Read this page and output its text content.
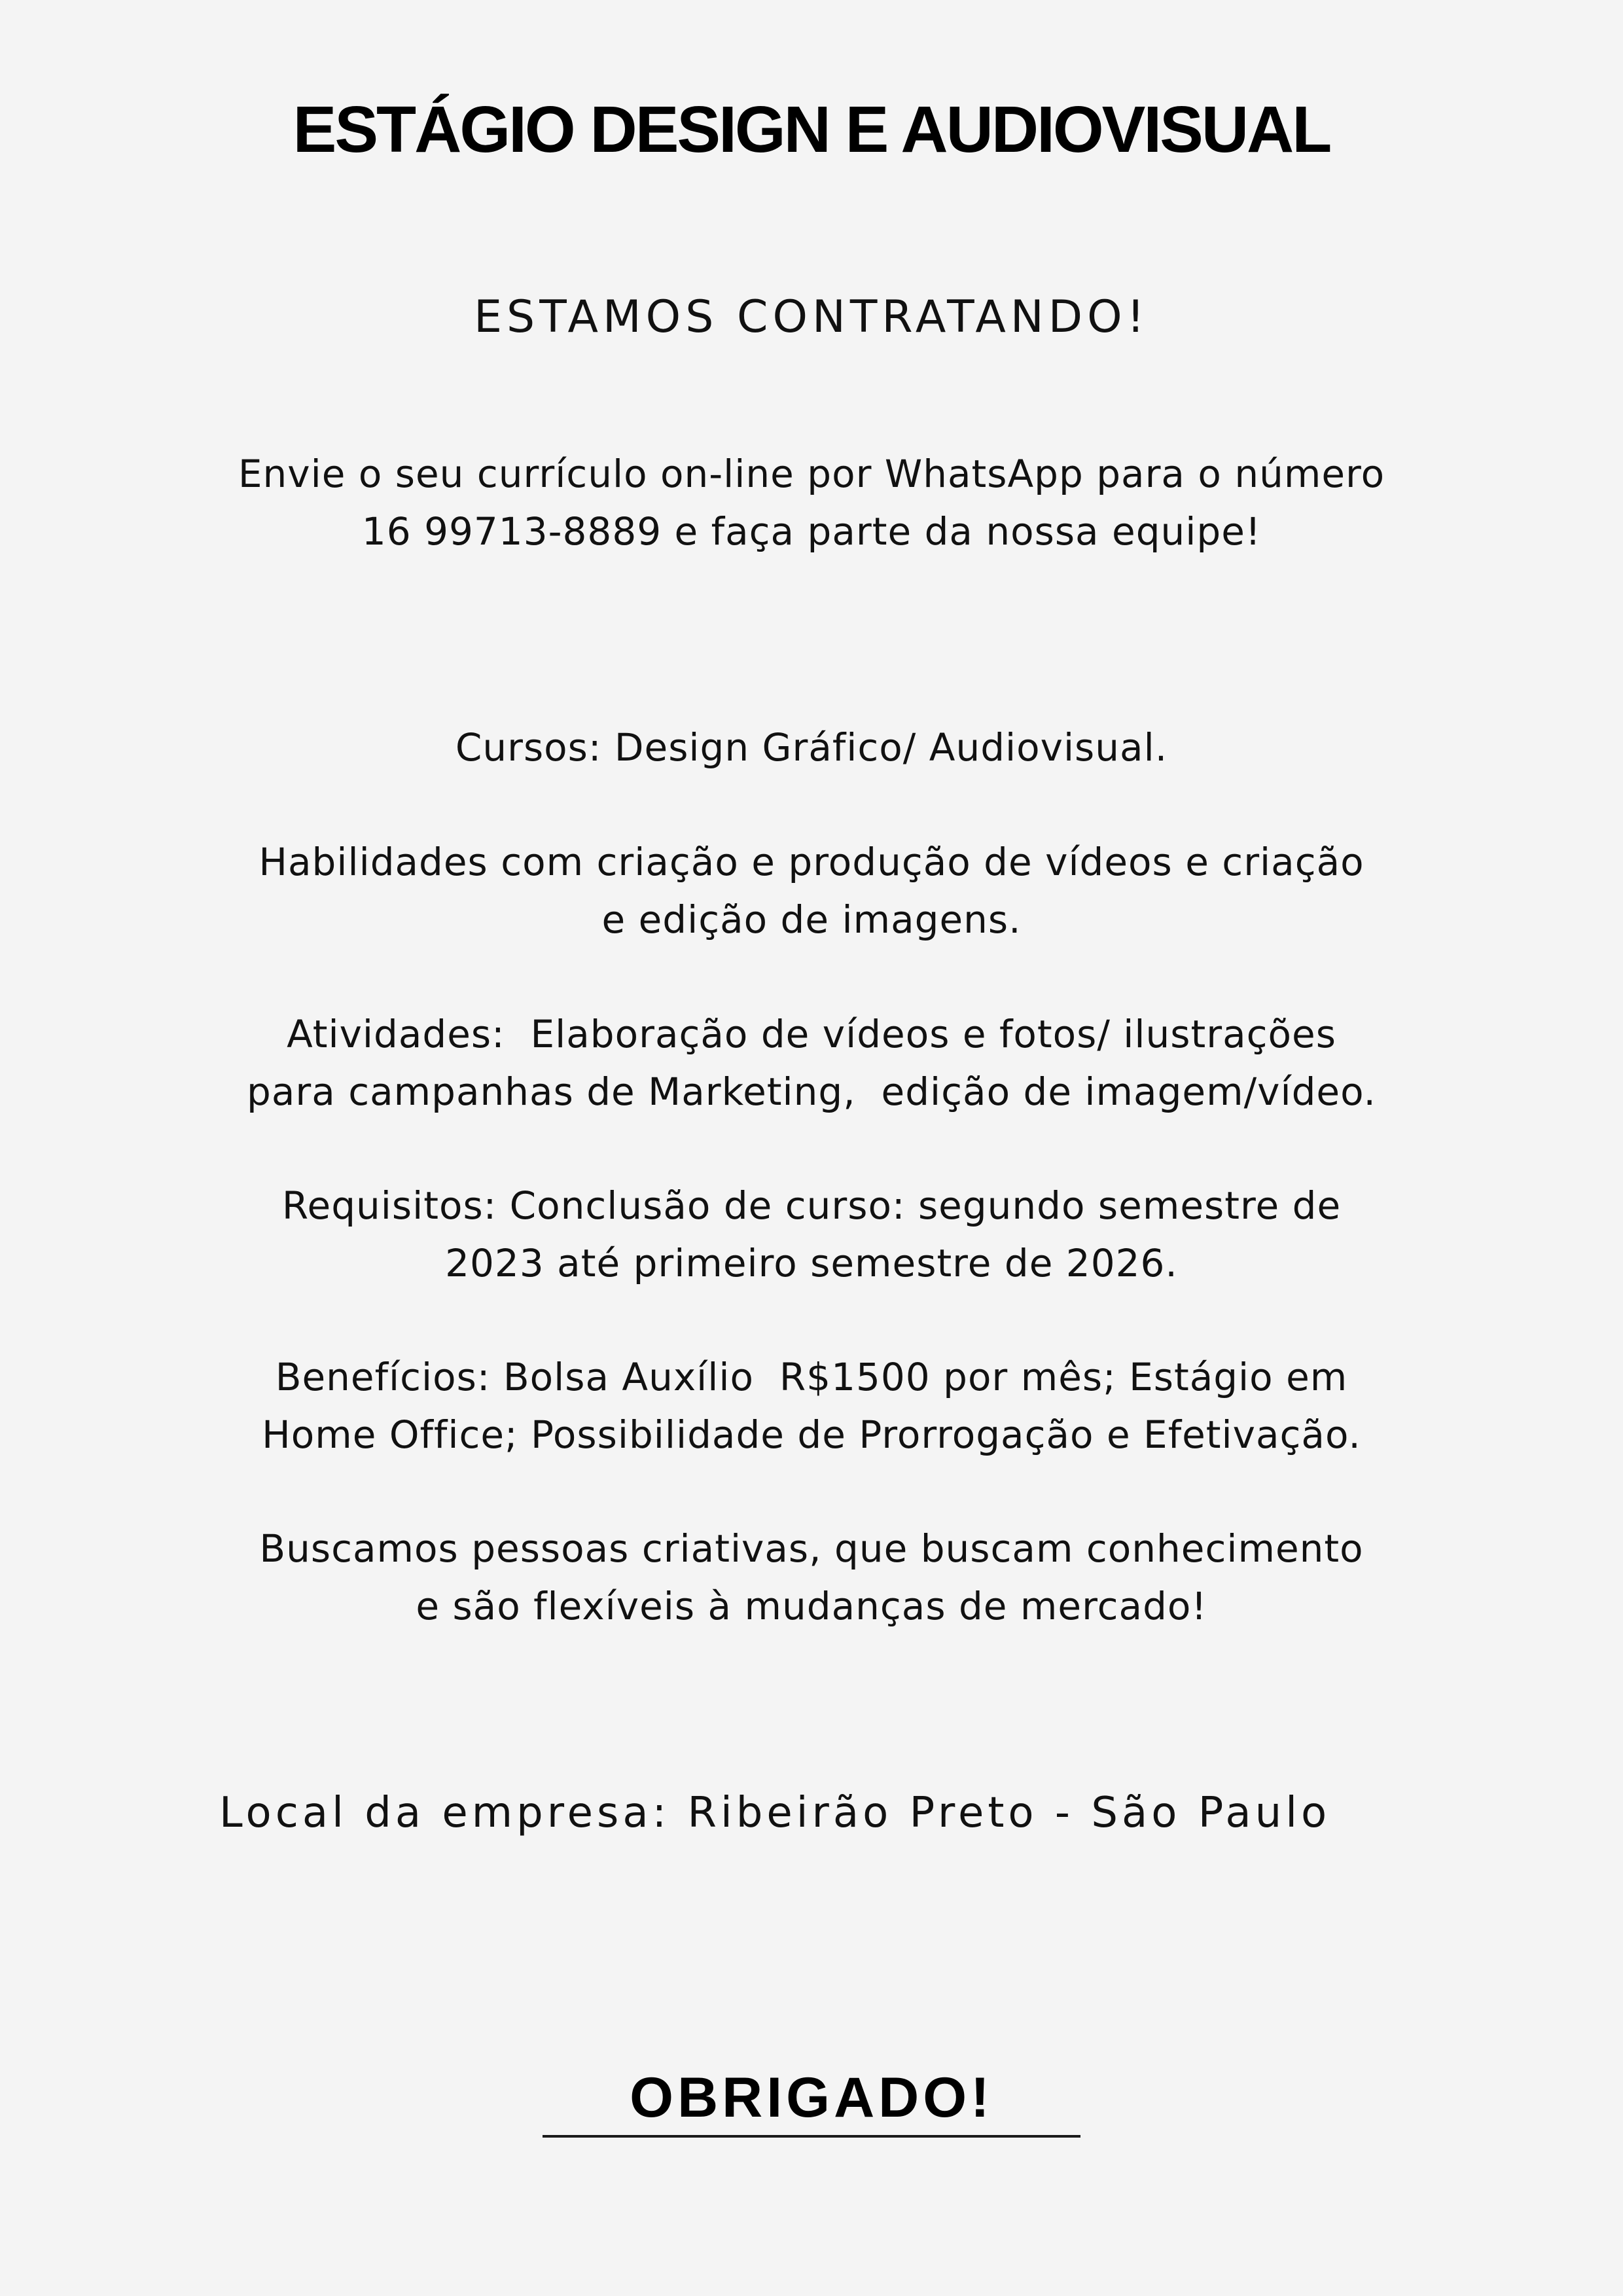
ESTÁGIO DESIGN E AUDIOVISUAL
ESTAMOS CONTRATANDO!

Envie o seu currículo on-line por WhatsApp para o número

16 99713-8889 e faça parte da nossa equipe!

Cursos: Design Gráfico/ Audiovisual.

Habilidades com criação e produção de vídeos e criação

e edição de imagens.

Atividades:  Elaboração de vídeos e fotos/ ilustrações

para campanhas de Marketing,  edição de imagem/vídeo.

Requisitos: Conclusão de curso: segundo semestre de

2023 até primeiro semestre de 2026.

Benefícios: Bolsa Auxílio  R$1500 por mês; Estágio em

Home Office; Possibilidade de Prorrogação e Efetivação.

Buscamos pessoas criativas, que buscam conhecimento

e são flexíveis à mudanças de mercado!

Local da empresa: Ribeirão Preto - São Paulo
OBRIGADO!
